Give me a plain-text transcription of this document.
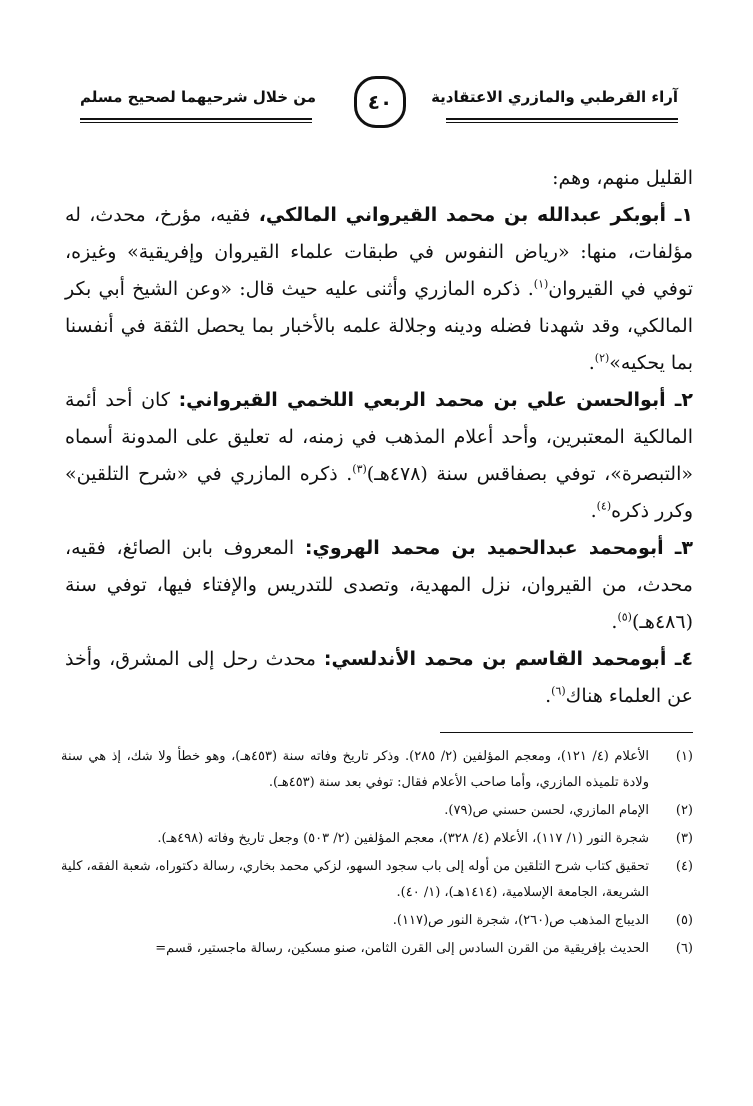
آراء القرطبي والمازري الاعتقادية
٤٠
من خلال شرحيهما لصحيح مسلم

القليل منهم، وهم:

١ـ أبوبكر عبدالله بن محمد القيرواني المالكي، فقيه، مؤرخ، محدث، له مؤلفات، منها: «رياض النفوس في طبقات علماء القيروان وإفريقية» وغيزه، توفي في القيروان$^{(١)}$. ذكره المازري وأثنى عليه حيث قال: «وعن الشيخ أبي بكر المالكي، وقد شهدنا فضله ودينه وجلالة علمه بالأخبار بما يحصل الثقة في أنفسنا بما يحكيه»$^{(٢)}$.

٢ـ أبوالحسن علي بن محمد الربعي اللخمي القيرواني: كان أحد أئمة المالكية المعتبرين، وأحد أعلام المذهب في زمنه، له تعليق على المدونة أسماه «التبصرة»، توفي بصفاقس سنة (٤٧٨هـ)$^{(٣)}$. ذكره المازري في «شرح التلقين» وكرر ذكره$^{(٤)}$.

٣ـ أبومحمد عبدالحميد بن محمد الهروي: المعروف بابن الصائغ، فقيه، محدث، من القيروان، نزل المهدية، وتصدى للتدريس والإفتاء فيها، توفي سنة (٤٨٦هـ)$^{(٥)}$.

٤ـ أبومحمد القاسم بن محمد الأندلسي: محدث رحل إلى المشرق، وأخذ عن العلماء هناك$^{(٦)}$.

(١)
الأعلام (٤/ ١٢١)، ومعجم المؤلفين (٢/ ٢٨٥). وذكر تاريخ وفاته سنة (٤٥٣هـ)، وهو خطأ ولا شك، إذ هي سنة ولادة تلميذه المازري، وأما صاحب الأعلام فقال: توفي بعد سنة (٤٥٣هـ).
(٢)
الإمام المازري، لحسن حسني ص(٧٩).
(٣)
شجرة النور (١/ ١١٧)، الأعلام (٤/ ٣٢٨)، معجم المؤلفين (٢/ ٥٠٣) وجعل تاريخ وفاته (٤٩٨هـ).
(٤)
تحقيق كتاب شرح التلقين من أوله إلى باب سجود السهو، لزكي محمد بخاري، رسالة دكتوراه، شعبة الفقه، كلية الشريعة، الجامعة الإسلامية، (١٤١٤هـ)، (١/ ٤٠).
(٥)
الديباج المذهب ص(٢٦٠)، شجرة النور ص(١١٧).
(٦)
الحديث بإفريقية من القرن السادس إلى القرن الثامن، صنو مسكين، رسالة ماجستير، قسم=
